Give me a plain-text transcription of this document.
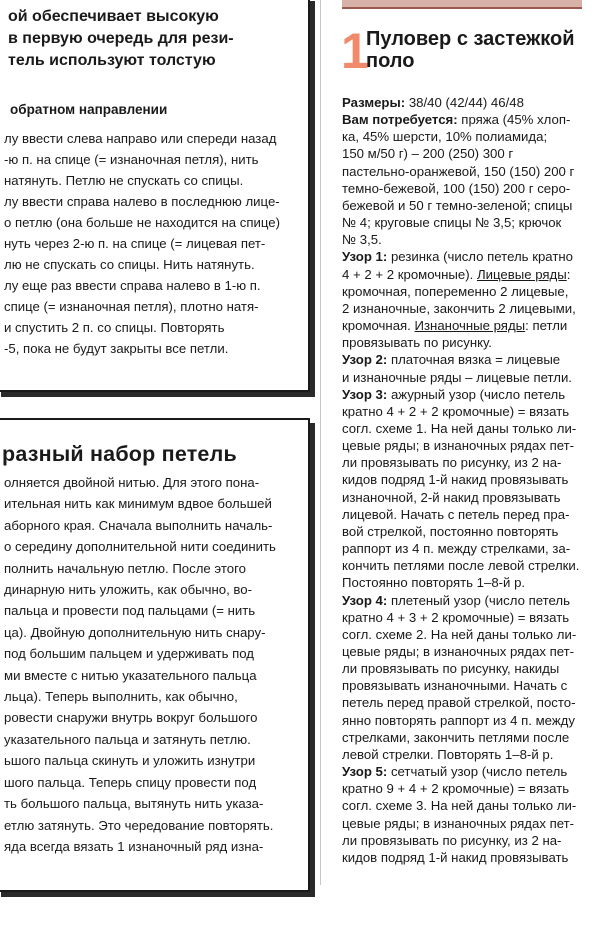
ой обеспечивает высокую
в первую очередь для рези-
тель используют толстую
обратном направлении
лу ввести слева направо или спереди назад
-ю п. на спице (= изнаночная петля), нить
натянуть. Петлю не спускать со спицы.
лу ввести справа налево в последнюю лице-
о петлю (она больше не находится на спице)
нуть через 2-ю п. на спице (= лицевая пет-
лю не спускать со спицы. Нить натянуть.
лу еще раз ввести справа налево в 1-ю п.
спице (= изнаночная петля), плотно натя-
и спустить 2 п. со спицы. Повторять
-5, пока не будут закрыты все петли.
разный набор петель
олняется двойной нитью. Для этого пона-
ительная нить как минимум вдвое большей
аборного края. Сначала выполнить началь-
о середину дополнительной нити соединить
полнить начальную петлю. После этого
динарную нить уложить, как обычно, во-
пальца и провести под пальцами (= нить
ца). Двойную дополнительную нить снару-
под большим пальцем и удерживать под
ми вместе с нитью указательного пальца
льца). Теперь выполнить, как обычно,
ровести снаружи внутрь вокруг большого
указательного пальца и затянуть петлю.
ьшого пальца скинуть и уложить изнутри
шого пальца. Теперь спицу провести под
ть большого пальца, вытянуть нить указа-
етлю затянуть. Это чередование повторять.
яда всегда вязать 1 изнаночный ряд изна-
1
Пуловер с застежкой
поло
Размеры: 38/40 (42/44) 46/48
Вам потребуется: пряжа (45% хлоп-
ка, 45% шерсти, 10% полиамида;
150 м/50 г) – 200 (250) 300 г
пастельно-оранжевой, 150 (150) 200 г
темно-бежевой, 100 (150) 200 г серо-
бежевой и 50 г темно-зеленой; спицы
№ 4; круговые спицы № 3,5; крючок
№ 3,5.
Узор 1: резинка (число петель кратно
4 + 2 + 2 кромочные). Лицевые ряды:
кромочная, попеременно 2 лицевые,
2 изнаночные, закончить 2 лицевыми,
кромочная. Изнаночные ряды: петли
провязывать по рисунку.
Узор 2: платочная вязка = лицевые
и изнаночные ряды – лицевые петли.
Узор 3: ажурный узор (число петель
кратно 4 + 2 + 2 кромочные) = вязать
согл. схеме 1. На ней даны только ли-
цевые ряды; в изнаночных рядах пет-
ли провязывать по рисунку, из 2 на-
кидов подряд 1-й накид провязывать
изнаночной, 2-й накид провязывать
лицевой. Начать с петель перед пра-
вой стрелкой, постоянно повторять
раппорт из 4 п. между стрелками, за-
кончить петлями после левой стрелки.
Постоянно повторять 1–8-й р.
Узор 4: плетеный узор (число петель
кратно 4 + 3 + 2 кромочные) = вязать
согл. схеме 2. На ней даны только ли-
цевые ряды; в изнаночных рядах пет-
ли провязывать по рисунку, накиды
провязывать изнаночными. Начать с
петель перед правой стрелкой, посто-
янно повторять раппорт из 4 п. между
стрелками, закончить петлями после
левой стрелки. Повторять 1–8-й р.
Узор 5: сетчатый узор (число петель
кратно 9 + 4 + 2 кромочные) = вязать
согл. схеме 3. На ней даны только ли-
цевые ряды; в изнаночных рядах пет-
ли провязывать по рисунку, из 2 на-
кидов подряд 1-й накид провязывать
